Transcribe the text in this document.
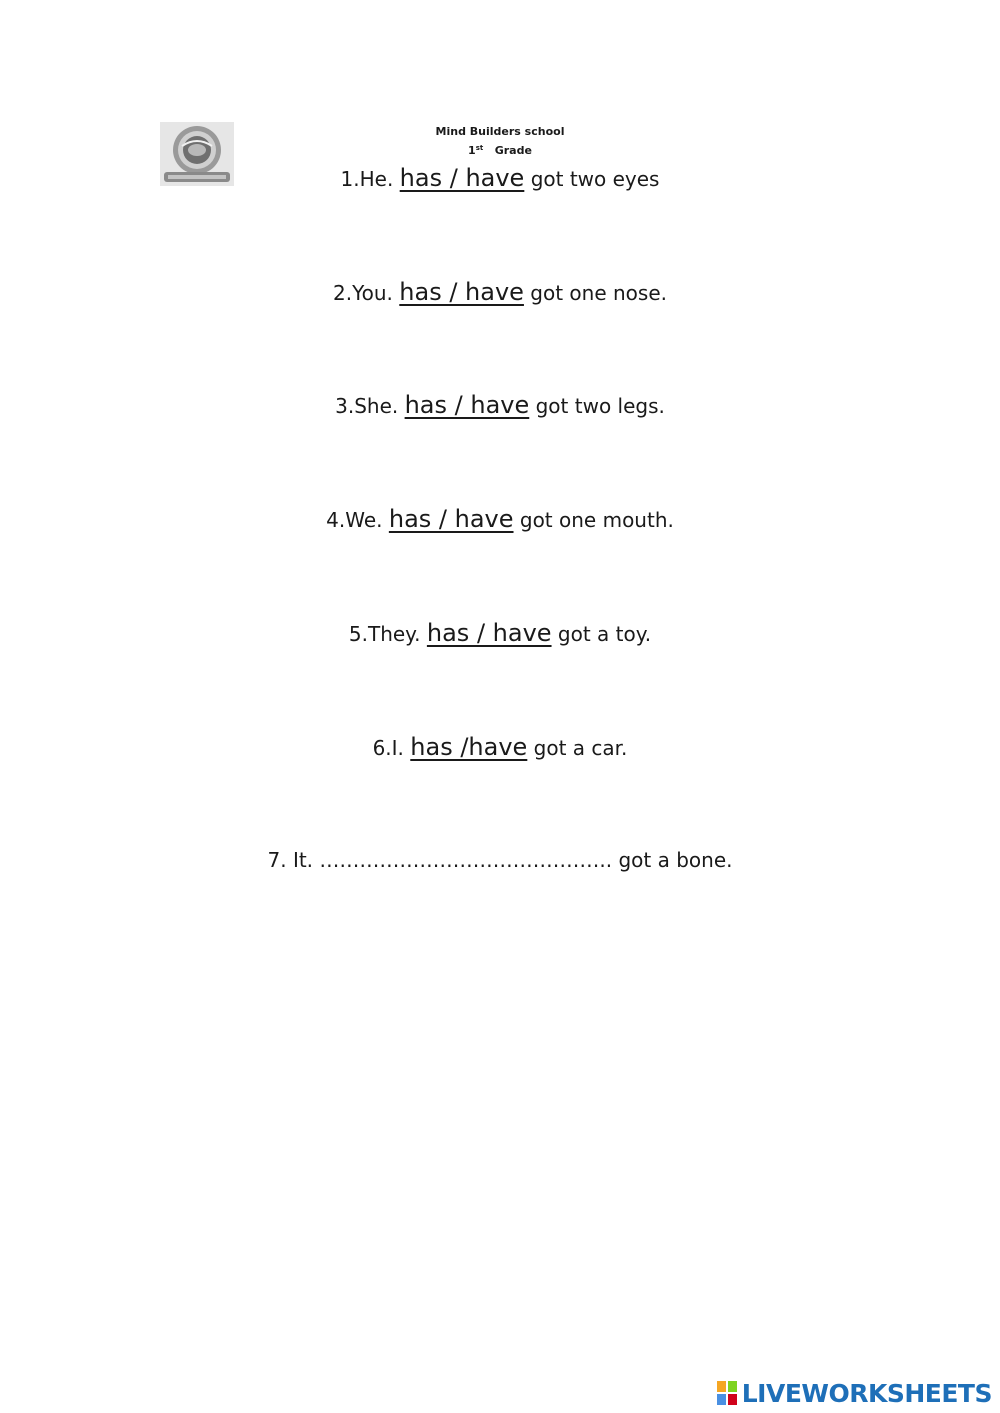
Mind Builders school
1st Grade
1.He. has / have got two eyes
2.You. has / have got one nose.
3.She. has / have got two legs.
4.We. has / have got one mouth.
5.They. has / have got a toy.
6.I. has /have got a car.
7. It. …………………………………….. got a bone.
LIVEWORKSHEETS
